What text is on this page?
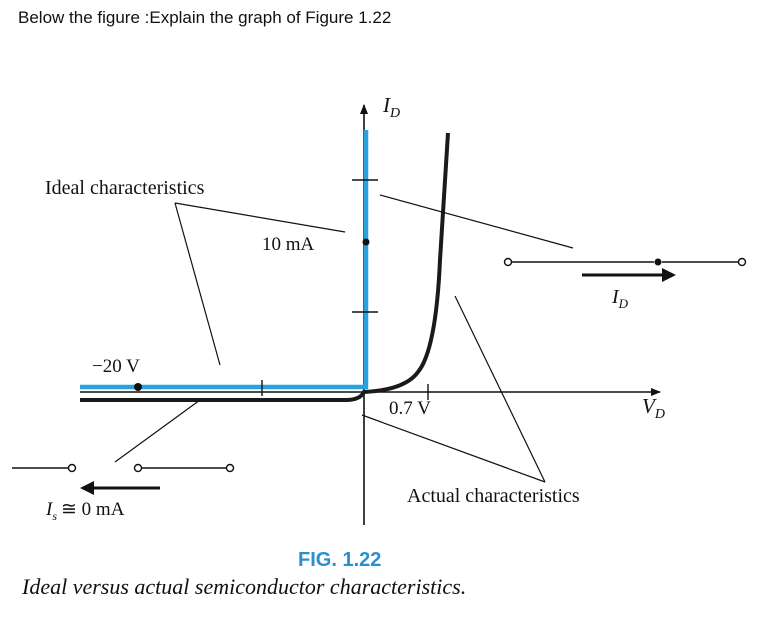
Below the figure :Explain the graph of Figure 1.22
$I_D$
$V_D$
10 mA
−20 V
0.7 V
Ideal characteristics
Actual characteristics
$I_D$
$I_s$ ≅ 0 mA
FIG. 1.22
Ideal versus actual semiconductor characteristics.
